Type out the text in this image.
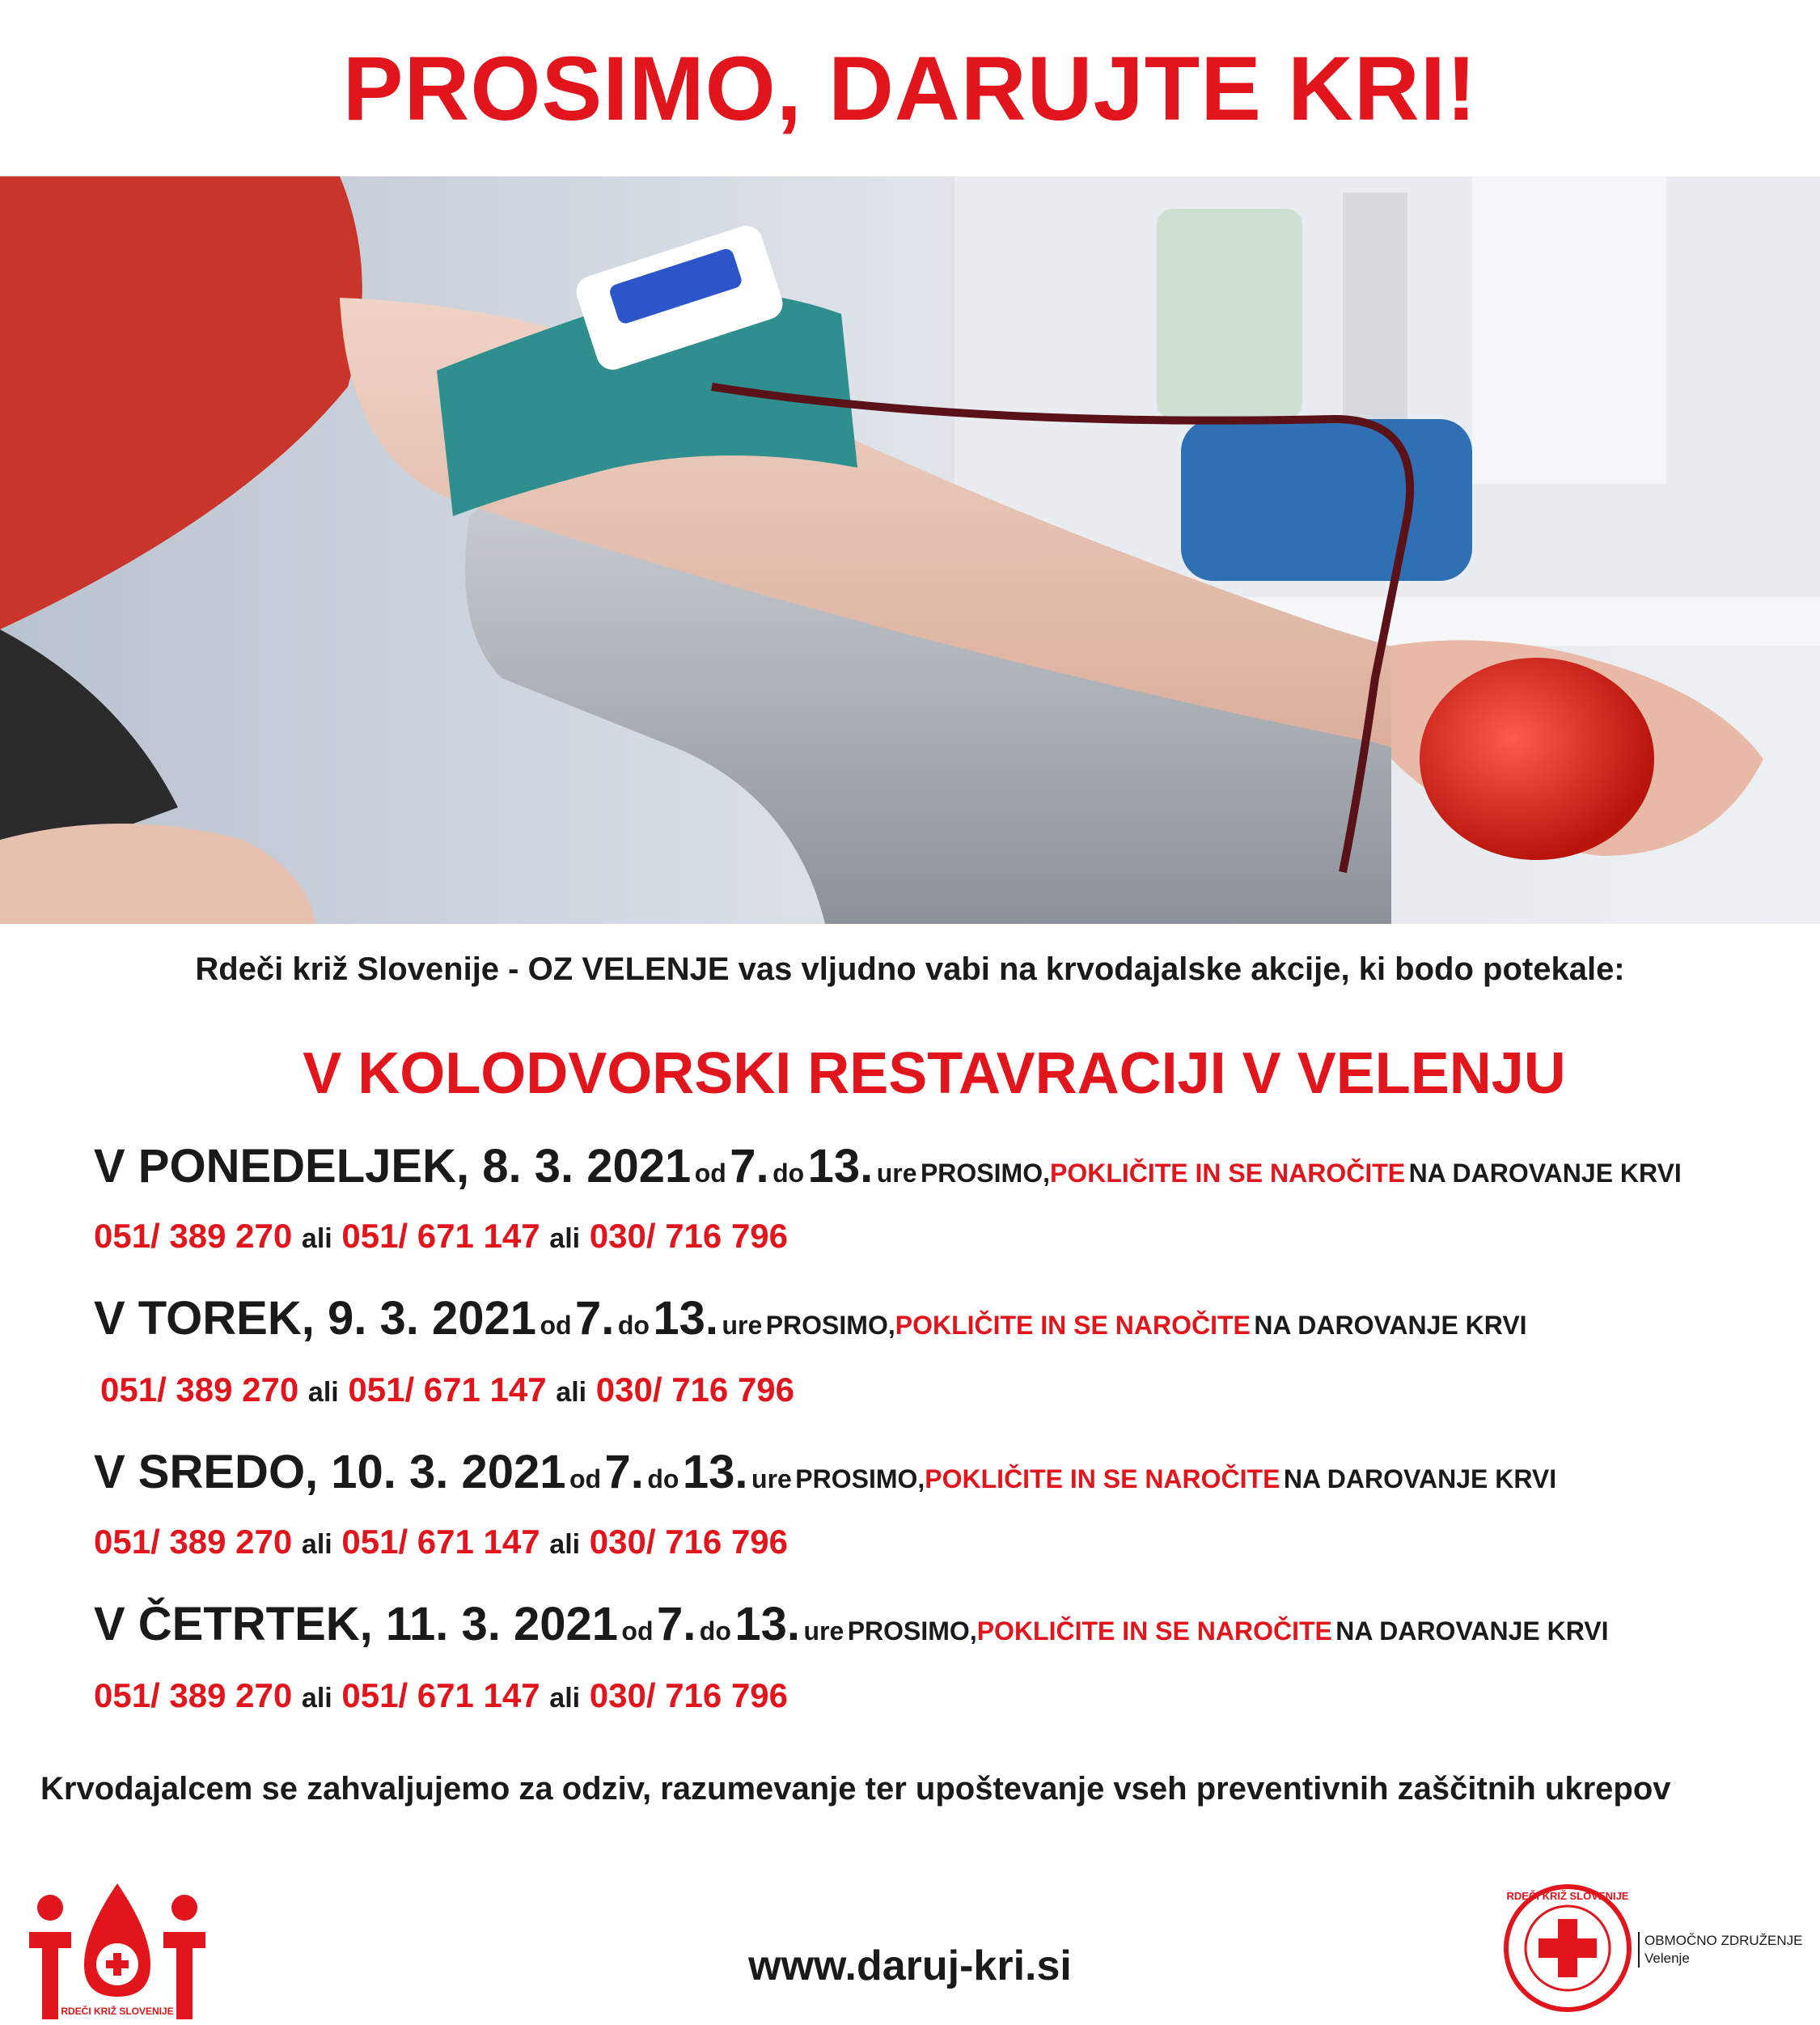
PROSIMO, DARUJTE KRI!
Rdeči križ Slovenije - OZ VELENJE vas vljudno vabi na krvodajalske akcije, ki bodo potekale:
V KOLODVORSKI RESTAVRACIJI V VELENJU
V PONEDELJEK, 8. 3. 2021 od 7. do 13. ure PROSIMO,POKLIČITE IN SE NAROČITE NA DAROVANJE KRVI
051/ 389 270 ali 051/ 671 147 ali 030/ 716 796
V TOREK, 9. 3. 2021 od 7. do 13. ure PROSIMO,POKLIČITE IN SE NAROČITE NA DAROVANJE KRVI
051/ 389 270 ali 051/ 671 147 ali 030/ 716 796
V SREDO, 10. 3. 2021 od 7. do 13. ure PROSIMO,POKLIČITE IN SE NAROČITE NA DAROVANJE KRVI
051/ 389 270 ali 051/ 671 147 ali 030/ 716 796
V ČETRTEK, 11. 3. 2021 od 7. do 13. ure PROSIMO,POKLIČITE IN SE NAROČITE NA DAROVANJE KRVI
051/ 389 270 ali 051/ 671 147 ali 030/ 716 796
Krvodajalcem se zahvaljujemo za odziv, razumevanje ter upoštevanje vseh preventivnih zaščitnih ukrepov
RDEČI KRIŽ SLOVENIJE
www.daruj-kri.si
RDEČI KRIŽ SLOVENIJE
OBMOČNO ZDRUŽENJE
Velenje
